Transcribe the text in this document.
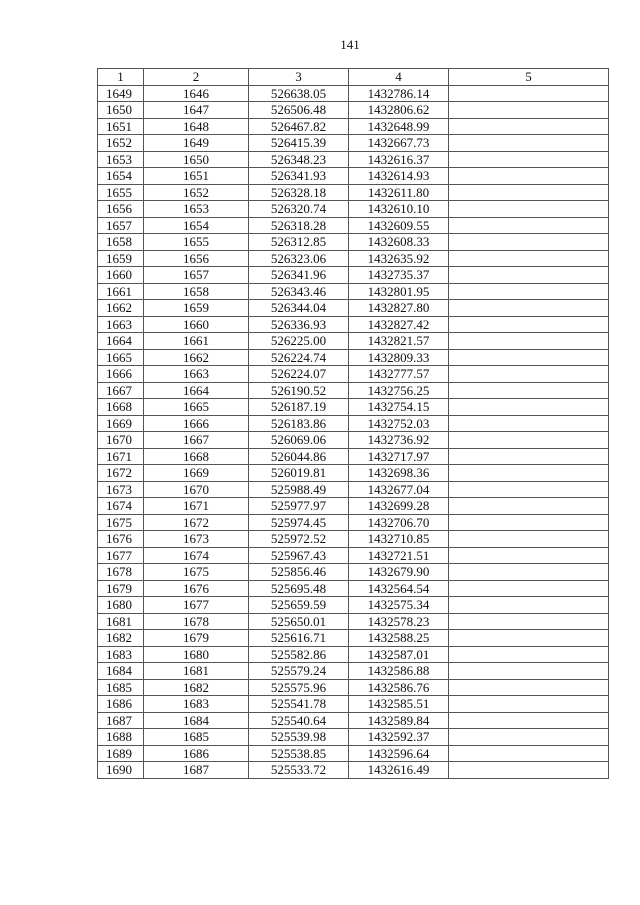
141
1	2	3	4	5
1649	1646	526638.05	1432786.14	
1650	1647	526506.48	1432806.62	
1651	1648	526467.82	1432648.99	
1652	1649	526415.39	1432667.73	
1653	1650	526348.23	1432616.37	
1654	1651	526341.93	1432614.93	
1655	1652	526328.18	1432611.80	
1656	1653	526320.74	1432610.10	
1657	1654	526318.28	1432609.55	
1658	1655	526312.85	1432608.33	
1659	1656	526323.06	1432635.92	
1660	1657	526341.96	1432735.37	
1661	1658	526343.46	1432801.95	
1662	1659	526344.04	1432827.80	
1663	1660	526336.93	1432827.42	
1664	1661	526225.00	1432821.57	
1665	1662	526224.74	1432809.33	
1666	1663	526224.07	1432777.57	
1667	1664	526190.52	1432756.25	
1668	1665	526187.19	1432754.15	
1669	1666	526183.86	1432752.03	
1670	1667	526069.06	1432736.92	
1671	1668	526044.86	1432717.97	
1672	1669	526019.81	1432698.36	
1673	1670	525988.49	1432677.04	
1674	1671	525977.97	1432699.28	
1675	1672	525974.45	1432706.70	
1676	1673	525972.52	1432710.85	
1677	1674	525967.43	1432721.51	
1678	1675	525856.46	1432679.90	
1679	1676	525695.48	1432564.54	
1680	1677	525659.59	1432575.34	
1681	1678	525650.01	1432578.23	
1682	1679	525616.71	1432588.25	
1683	1680	525582.86	1432587.01	
1684	1681	525579.24	1432586.88	
1685	1682	525575.96	1432586.76	
1686	1683	525541.78	1432585.51	
1687	1684	525540.64	1432589.84	
1688	1685	525539.98	1432592.37	
1689	1686	525538.85	1432596.64	
1690	1687	525533.72	1432616.49	
